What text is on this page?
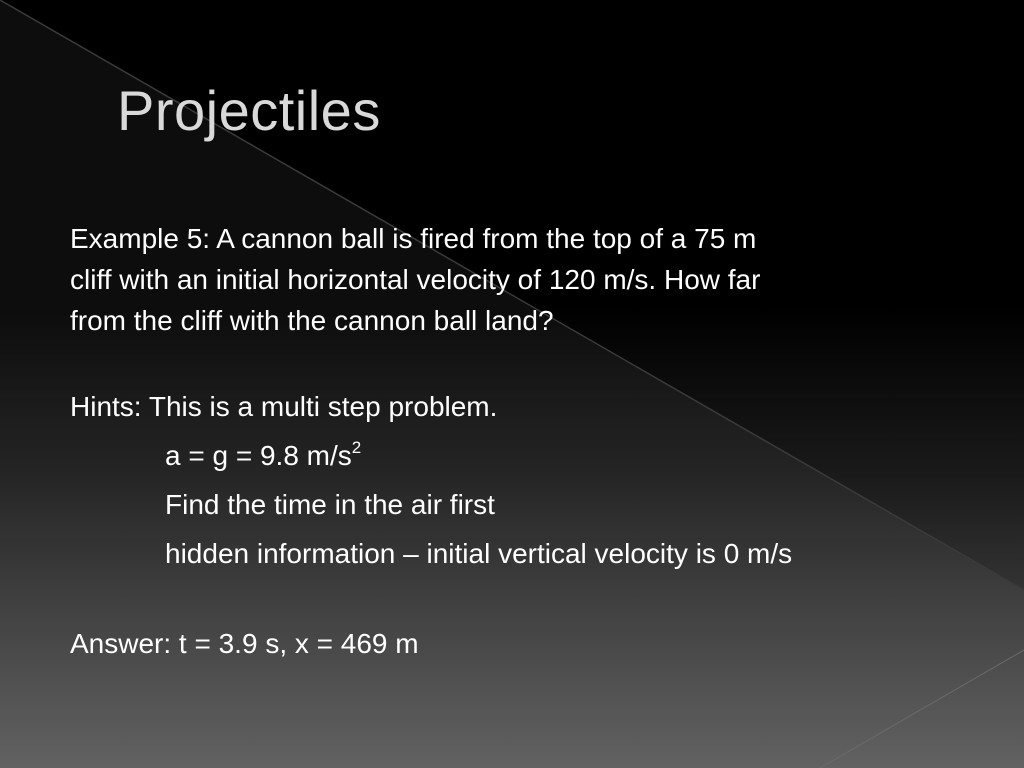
Projectiles

Example 5: A cannon ball is fired from the top of a 75 m

cliff with an initial horizontal velocity of 120 m/s. How far

from the cliff with the cannon ball land?

Hints: This is a multi step problem.

a = g = 9.8 $m/s^2$

Find the time in the air first

hidden information – initial vertical velocity is 0 m/s

Answer: t = 3.9 s, x = 469 m
